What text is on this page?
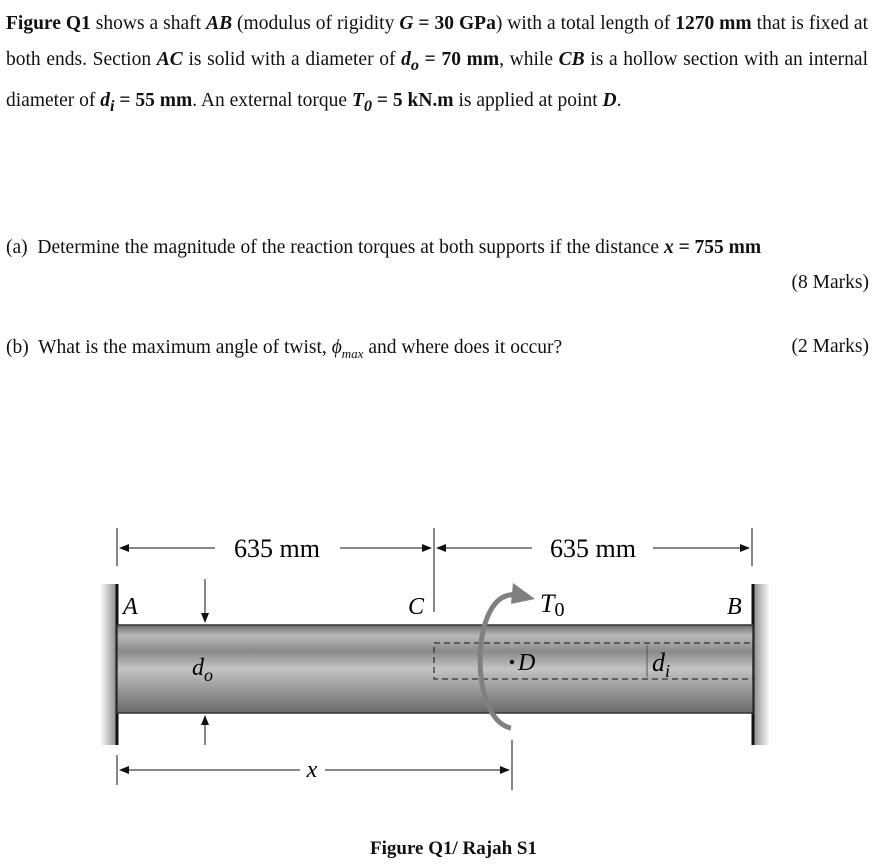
Figure Q1 shows a shaft AB (modulus of rigidity G = 30 GPa) with a total length of 1270 mm that is fixed at both ends. Section AC is solid with a diameter of $d_o = 70$ mm, while CB is a hollow section with an internal diameter of $d_i = 55$ mm. An external torque $T_0 = 5$ kN.m is applied at point D.
(a) Determine the magnitude of the reaction torques at both supports if the distance x = 755 mm
(8 Marks)
(b) What is the maximum angle of twist, $\phi_{max}$ and where does it occur?	(2 Marks)
635 mm	635 mm
A	C	B
T0
$d_o$	$d_i$
D
x
Figure Q1/ Rajah S1
